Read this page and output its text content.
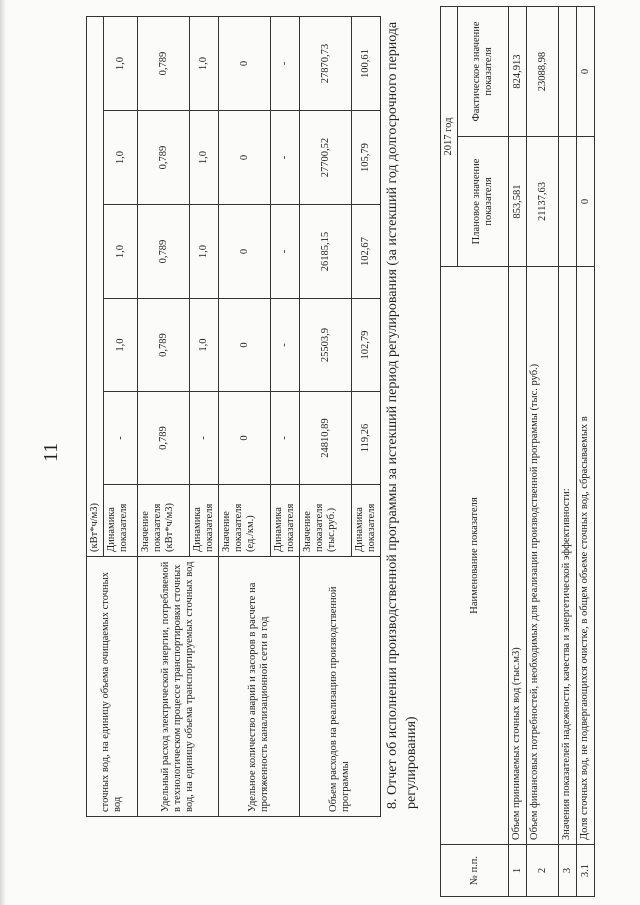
сточных вод, на единицу объема очищаемых сточных вод	(кВт*ч/м3)					
	Динамика показателя	-	1,0	1,0	1,0	1,0
Удельный расход электрической энергии, потребляемой в технологическом процессе транспортировки сточных вод, на единицу объема транспортируемых сточных вод	Значение показателя (кВт*ч/м3)	0,789	0,789	0,789	0,789	0,789
	Динамика показателя	-	1,0	1,0	1,0	1,0
Удельное количество аварий и засоров в расчете на протяженность канализационной сети в год	Значение показателя (ед./км.)	0	0	0	0	0
	Динамика показателя	-	-	-	-	-
Объем расходов на реализацию производственной программы	Значение показателя (тыс.руб.)	24810,89	25503,9	26185,15	27700,52	27870,73
	Динамика показателя	119,26	102,79	102,67	105,79	100,61
11	8. Отчет об исполнении производственной программы за истекший период регулирования (за истекший год долгосрочного периода регулирования)
№ п.п.	Наименование показателя	2017 год	
		Плановое значение показателя	Фактическое значение показателя
1	Объем принимаемых сточных вод (тыс.м3)	853,581	824,913
2	Объем финансовых потребностей, необходимых для реализации производственной программы (тыс. руб.)	21137,63	23088,98
3	Значения показателей надежности, качества и энергетической эффективности:		
3.1	Доля сточных вод, не подвергающихся очистке, в общем объеме сточных вод, сбрасываемых в	0	0
